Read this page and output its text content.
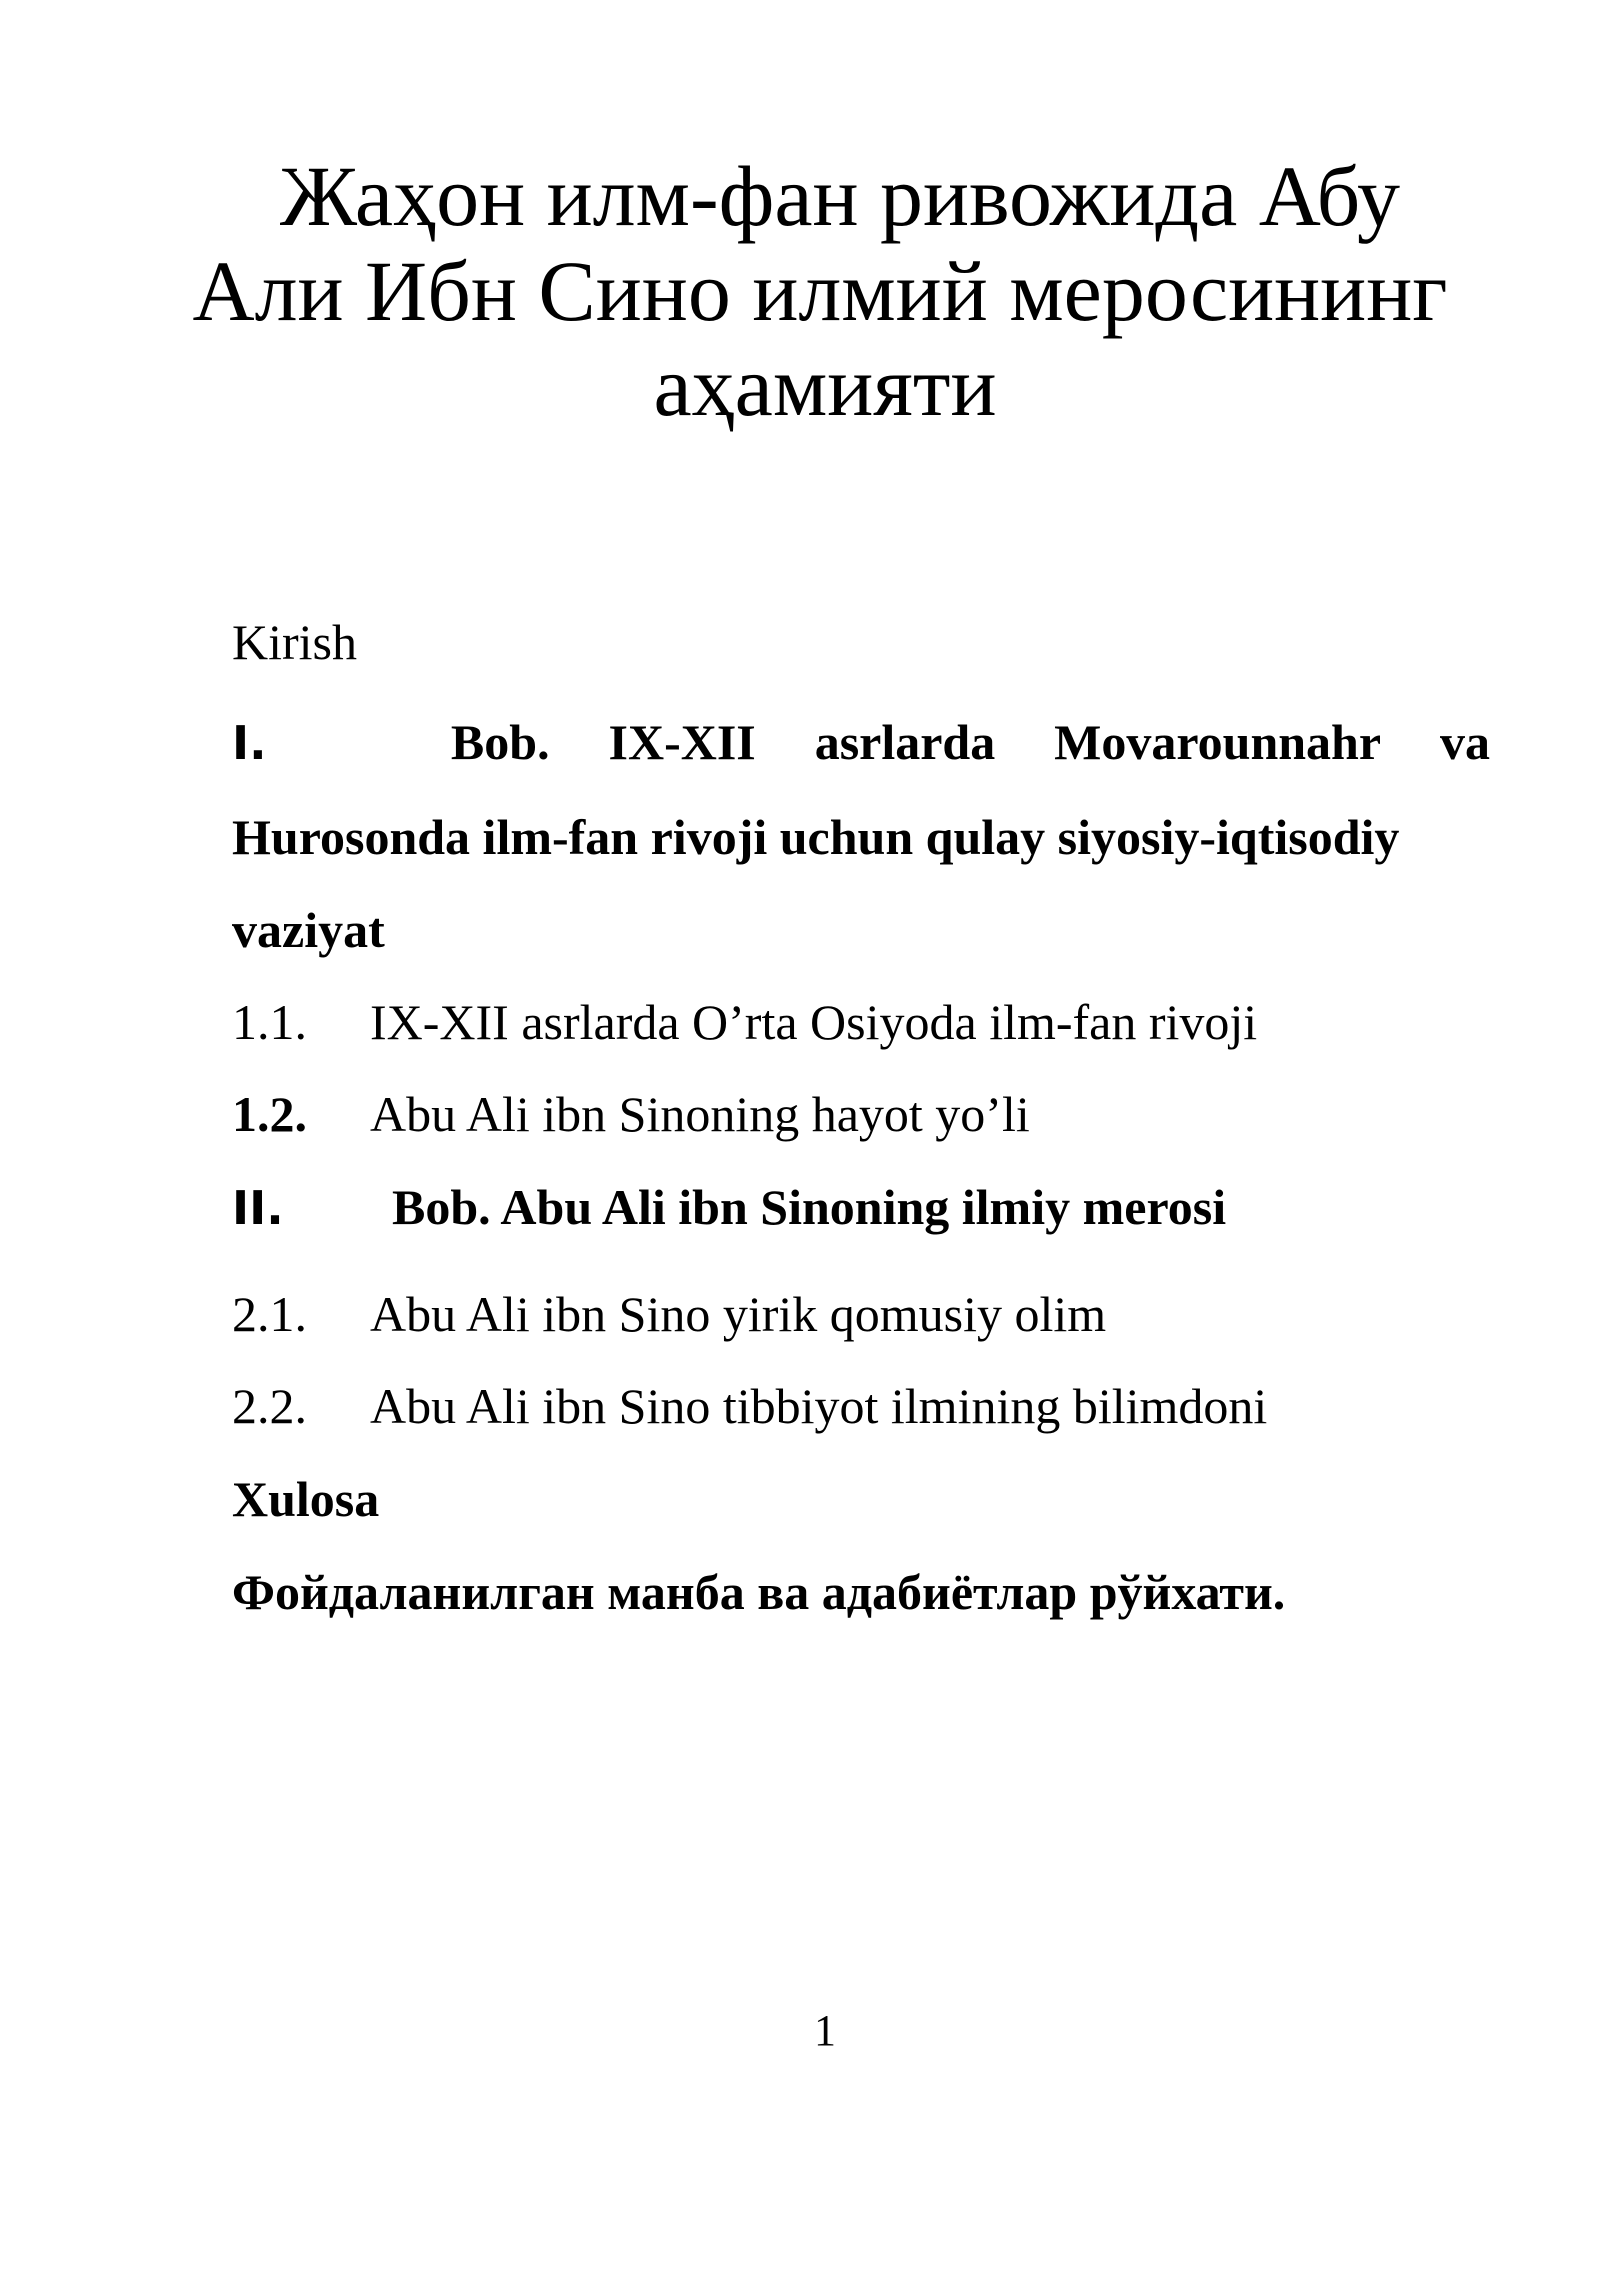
Жаҳон илм-фан ривожида Абу
Али Ибн Сино илмий меросининг
аҳамияти
Kirish
I.	Bob. IX-XII asrlarda Movarounnahr va
Hurosonda ilm-fan rivoji uchun qulay siyosiy-iqtisodiy
vaziyat
1.1. IX-XII asrlarda O’rta Osiyoda ilm-fan rivoji
1.2. Abu Ali ibn Sinoning hayot yo’li
II. Bob. Abu Ali ibn Sinoning ilmiy merosi
2.1. Abu Ali ibn Sino yirik qomusiy olim
2.2. Abu Ali ibn Sino tibbiyot ilmining bilimdoni
Xulosa
Фойдаланилган манба ва адабиётлар рўйхати.
1
